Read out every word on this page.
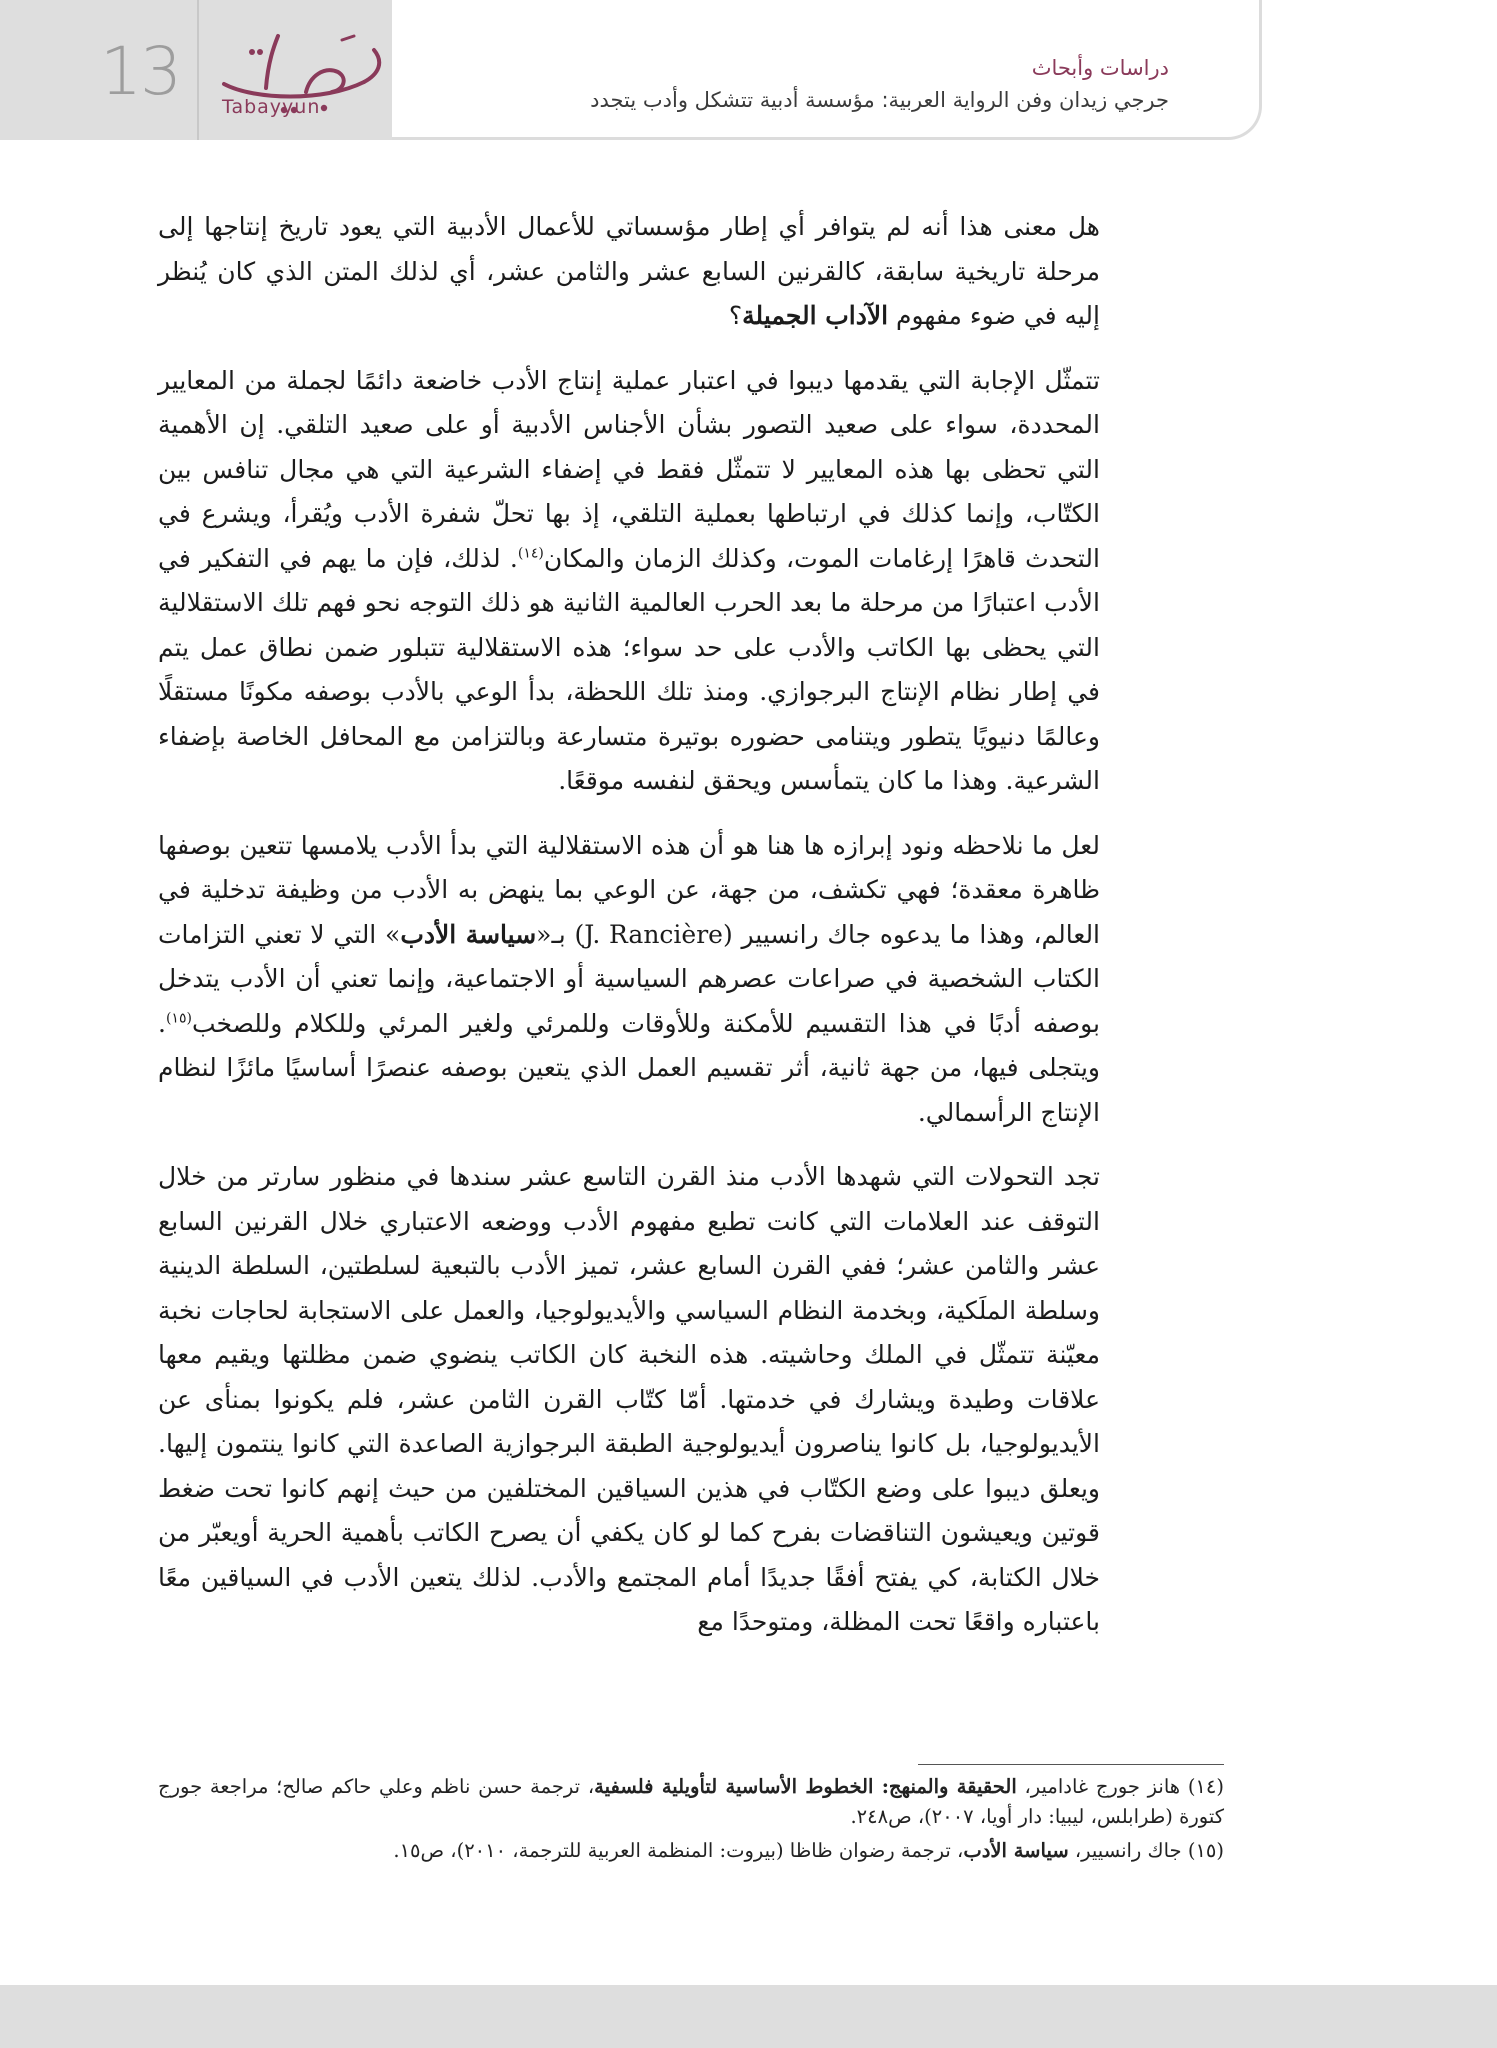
13	Tabayyun
دراسات وأبحاث
جرجي زيدان وفن الرواية العربية: مؤسسة أدبية تتشكل وأدب يتجدد

هل معنى هذا أنه لم يتوافر أي إطار مؤسساتي للأعمال الأدبية التي يعود تاريخ إنتاجها إلى مرحلة تاريخية سابقة، كالقرنين السابع عشر والثامن عشر، أي لذلك المتن الذي كان يُنظر إليه في ضوء مفهوم الآداب الجميلة؟

تتمثّل الإجابة التي يقدمها ديبوا في اعتبار عملية إنتاج الأدب خاضعة دائمًا لجملة من المعايير المحددة، سواء على صعيد التصور بشأن الأجناس الأدبية أو على صعيد التلقي. إن الأهمية التي تحظى بها هذه المعايير لا تتمثّل فقط في إضفاء الشرعية التي هي مجال تنافس بين الكتّاب، وإنما كذلك في ارتباطها بعملية التلقي، إذ بها تحلّ شفرة الأدب ويُقرأ، ويشرع في التحدث قاهرًا إرغامات الموت، وكذلك الزمان والمكان$^{(١٤)}$. لذلك، فإن ما يهم في التفكير في الأدب اعتبارًا من مرحلة ما بعد الحرب العالمية الثانية هو ذلك التوجه نحو فهم تلك الاستقلالية التي يحظى بها الكاتب والأدب على حد سواء؛ هذه الاستقلالية تتبلور ضمن نطاق عمل يتم في إطار نظام الإنتاج البرجوازي. ومنذ تلك اللحظة، بدأ الوعي بالأدب بوصفه مكونًا مستقلًا وعالمًا دنيويًا يتطور ويتنامى حضوره بوتيرة متسارعة وبالتزامن مع المحافل الخاصة بإضفاء الشرعية. وهذا ما كان يتمأسس ويحقق لنفسه موقعًا.

لعل ما نلاحظه ونود إبرازه ها هنا هو أن هذه الاستقلالية التي بدأ الأدب يلامسها تتعين بوصفها ظاهرة معقدة؛ فهي تكشف، من جهة، عن الوعي بما ينهض به الأدب من وظيفة تدخلية في العالم، وهذا ما يدعوه جاك رانسيير (J. Rancière) بـ«سياسة الأدب» التي لا تعني التزامات الكتاب الشخصية في صراعات عصرهم السياسية أو الاجتماعية، وإنما تعني أن الأدب يتدخل بوصفه أدبًا في هذا التقسيم للأمكنة وللأوقات وللمرئي ولغير المرئي وللكلام وللصخب$^{(١٥)}$. ويتجلى فيها، من جهة ثانية، أثر تقسيم العمل الذي يتعين بوصفه عنصرًا أساسيًا مائزًا لنظام الإنتاج الرأسمالي.

تجد التحولات التي شهدها الأدب منذ القرن التاسع عشر سندها في منظور سارتر من خلال التوقف عند العلامات التي كانت تطبع مفهوم الأدب ووضعه الاعتباري خلال القرنين السابع عشر والثامن عشر؛ ففي القرن السابع عشر، تميز الأدب بالتبعية لسلطتين، السلطة الدينية وسلطة الملَكية، وبخدمة النظام السياسي والأيديولوجيا، والعمل على الاستجابة لحاجات نخبة معيّنة تتمثّل في الملك وحاشيته. هذه النخبة كان الكاتب ينضوي ضمن مظلتها ويقيم معها علاقات وطيدة ويشارك في خدمتها. أمّا كتّاب القرن الثامن عشر، فلم يكونوا بمنأى عن الأيديولوجيا، بل كانوا يناصرون أيديولوجية الطبقة البرجوازية الصاعدة التي كانوا ينتمون إليها. ويعلق ديبوا على وضع الكتّاب في هذين السياقين المختلفين من حيث إنهم كانوا تحت ضغط قوتين ويعيشون التناقضات بفرح كما لو كان يكفي أن يصرح الكاتب بأهمية الحرية أويعبّر من خلال الكتابة، كي يفتح أفقًا جديدًا أمام المجتمع والأدب. لذلك يتعين الأدب في السياقين معًا باعتباره واقعًا تحت المظلة، ومتوحدًا مع

(١٤) هانز جورج غادامير، الحقيقة والمنهج: الخطوط الأساسية لتأويلية فلسفية، ترجمة حسن ناظم وعلي حاكم صالح؛ مراجعة جورج كتورة (طرابلس، ليبيا: دار أويا، ٢٠٠٧)، ص٢٤٨.
(١٥) جاك رانسيير، سياسة الأدب، ترجمة رضوان ظاظا (بيروت: المنظمة العربية للترجمة، ٢٠١٠)، ص١٥.
